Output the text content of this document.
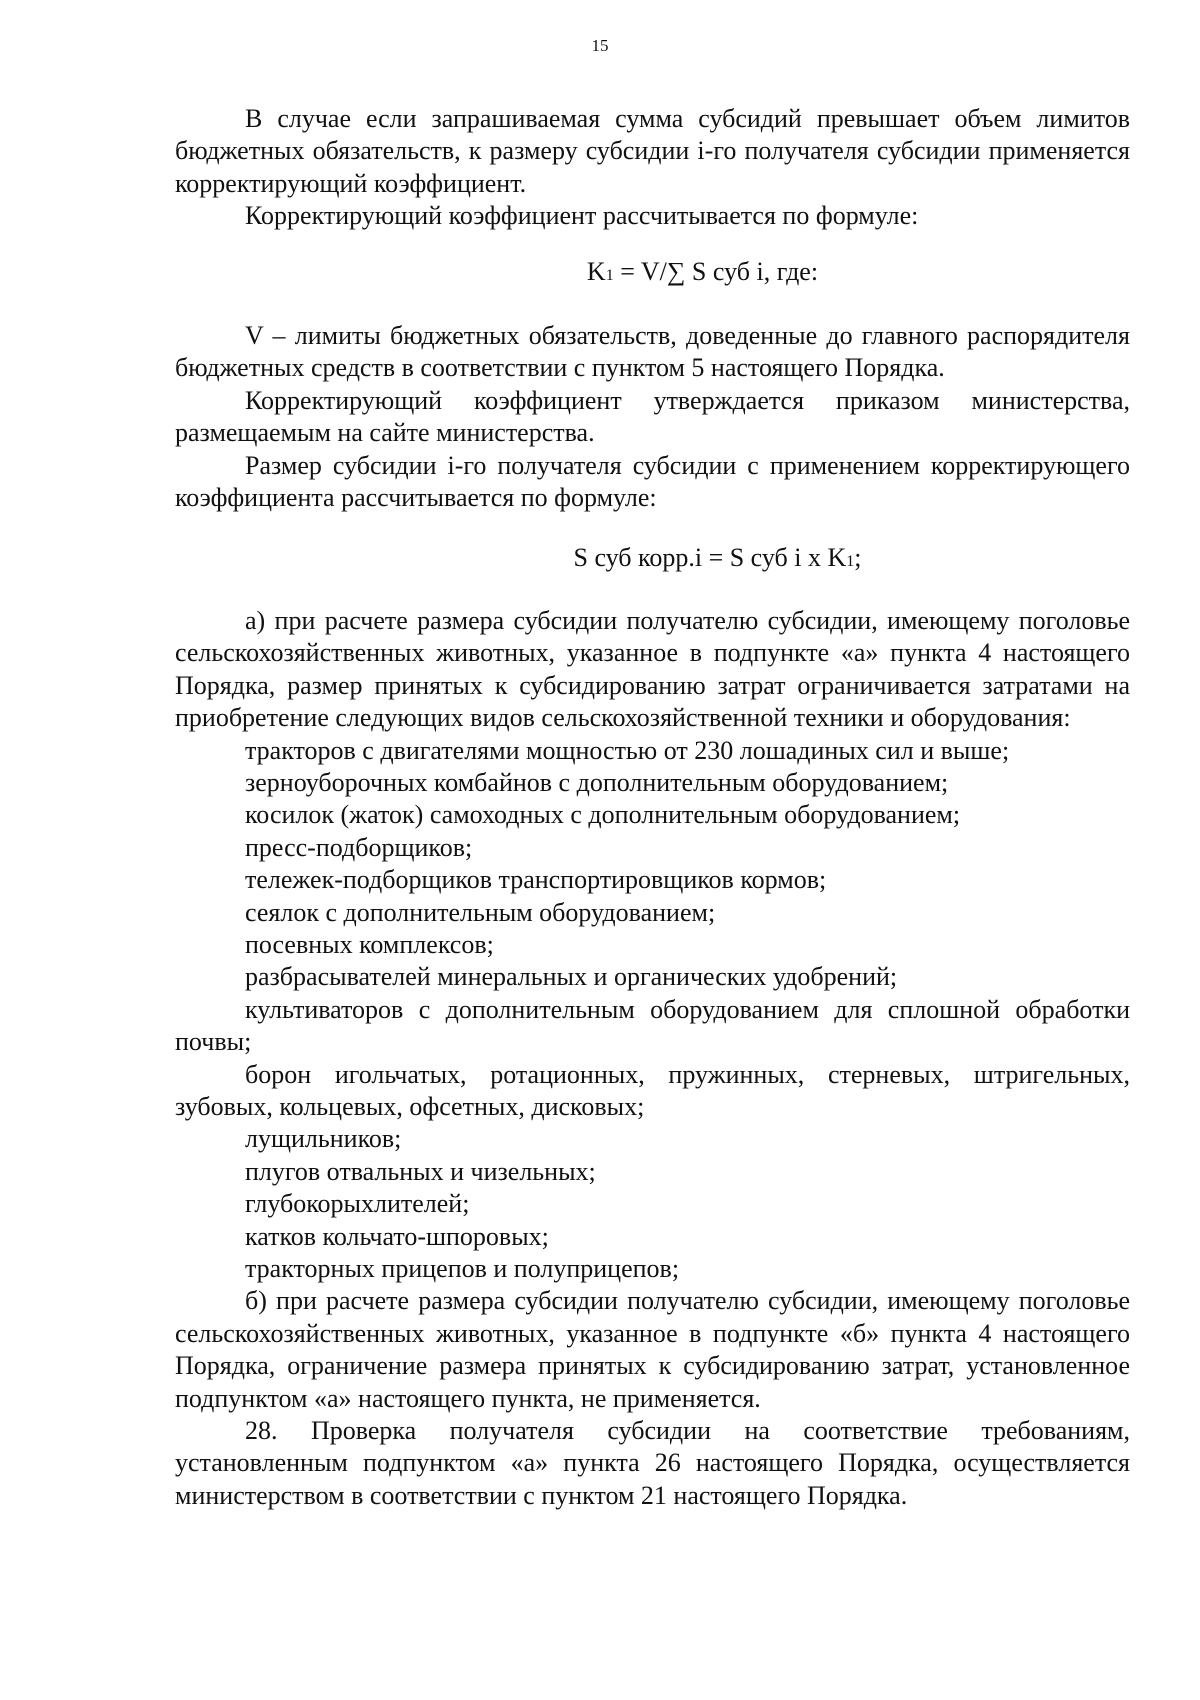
15

В случае если запрашиваемая сумма субсидий превышает объем лимитов бюджетных обязательств, к размеру субсидии i-го получателя субсидии применяется корректирующий коэффициент.

Корректирующий коэффициент рассчитывается по формуле:

K1 = V/∑ S суб i, где:

V – лимиты бюджетных обязательств, доведенные до главного распорядителя бюджетных средств в соответствии с пунктом 5 настоящего Порядка.

Корректирующий коэффициент утверждается приказом министерства, размещаемым на сайте министерства.

Размер субсидии i-го получателя субсидии с применением корректирующего коэффициента рассчитывается по формуле:

S суб корр.i = S суб i x K1;

а) при расчете размера субсидии получателю субсидии, имеющему поголовье сельскохозяйственных животных, указанное в подпункте «а» пункта 4 настоящего Порядка, размер принятых к субсидированию затрат ограничивается затратами на приобретение следующих видов сельскохозяйственной техники и оборудования:

тракторов с двигателями мощностью от 230 лошадиных сил и выше;

зерноуборочных комбайнов с дополнительным оборудованием;

косилок (жаток) самоходных с дополнительным оборудованием;

пресс-подборщиков;

тележек-подборщиков транспортировщиков кормов;

сеялок с дополнительным оборудованием;

посевных комплексов;

разбрасывателей минеральных и органических удобрений;

культиваторов с дополнительным оборудованием для сплошной обработки почвы;

борон игольчатых, ротационных, пружинных, стерневых, штригельных, зубовых, кольцевых, офсетных, дисковых;

лущильников;

плугов отвальных и чизельных;

глубокорыхлителей;

катков кольчато-шпоровых;

тракторных прицепов и полуприцепов;

б) при расчете размера субсидии получателю субсидии, имеющему поголовье сельскохозяйственных животных, указанное в подпункте «б» пункта 4 настоящего Порядка, ограничение размера принятых к субсидированию затрат, установленное подпунктом «а» настоящего пункта, не применяется.

28. Проверка получателя субсидии на соответствие требованиям, установленным подпунктом «а» пункта 26 настоящего Порядка, осуществляется министерством в соответствии с пунктом 21 настоящего Порядка.
